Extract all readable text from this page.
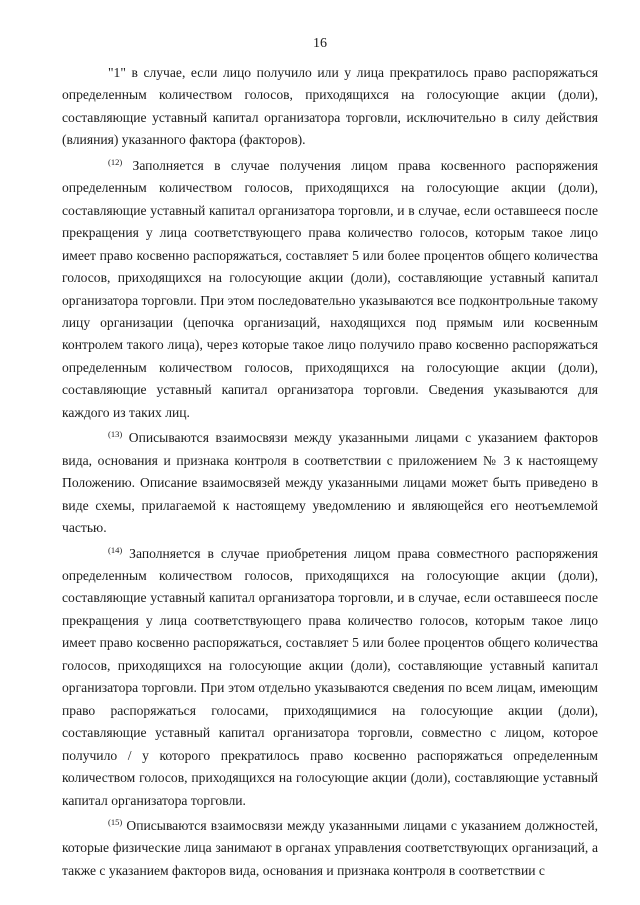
16

"1" в случае, если лицо получило или у лица прекратилось право распоряжаться определенным количеством голосов, приходящихся на голосующие акции (доли), составляющие уставный капитал организатора торговли, исключительно в силу действия (влияния) указанного фактора (факторов).

$^{(12)}$ Заполняется в случае получения лицом права косвенного распоряжения определенным количеством голосов, приходящихся на голосующие акции (доли), составляющие уставный капитал организатора торговли, и в случае, если оставшееся после прекращения у лица соответствующего права количество голосов, которым такое лицо имеет право косвенно распоряжаться, составляет 5 или более процентов общего количества голосов, приходящихся на голосующие акции (доли), составляющие уставный капитал организатора торговли. При этом последовательно указываются все подконтрольные такому лицу организации (цепочка организаций, находящихся под прямым или косвенным контролем такого лица), через которые такое лицо получило право косвенно распоряжаться определенным количеством голосов, приходящихся на голосующие акции (доли), составляющие уставный капитал организатора торговли. Сведения указываются для каждого из таких лиц.

$^{(13)}$ Описываются взаимосвязи между указанными лицами с указанием факторов вида, основания и признака контроля в соответствии с приложением № 3 к настоящему Положению. Описание взаимосвязей между указанными лицами может быть приведено в виде схемы, прилагаемой к настоящему уведомлению и являющейся его неотъемлемой частью.

$^{(14)}$ Заполняется в случае приобретения лицом права совместного распоряжения определенным количеством голосов, приходящихся на голосующие акции (доли), составляющие уставный капитал организатора торговли, и в случае, если оставшееся после прекращения у лица соответствующего права количество голосов, которым такое лицо имеет право косвенно распоряжаться, составляет 5 или более процентов общего количества голосов, приходящихся на голосующие акции (доли), составляющие уставный капитал организатора торговли. При этом отдельно указываются сведения по всем лицам, имеющим право распоряжаться голосами, приходящимися на голосующие акции (доли), составляющие уставный капитал организатора торговли, совместно с лицом, которое получило / у которого прекратилось право косвенно распоряжаться определенным количеством голосов, приходящихся на голосующие акции (доли), составляющие уставный капитал организатора торговли.

$^{(15)}$ Описываются взаимосвязи между указанными лицами с указанием должностей, которые физические лица занимают в органах управления соответствующих организаций, а также с указанием факторов вида, основания и признака контроля в соответствии с
